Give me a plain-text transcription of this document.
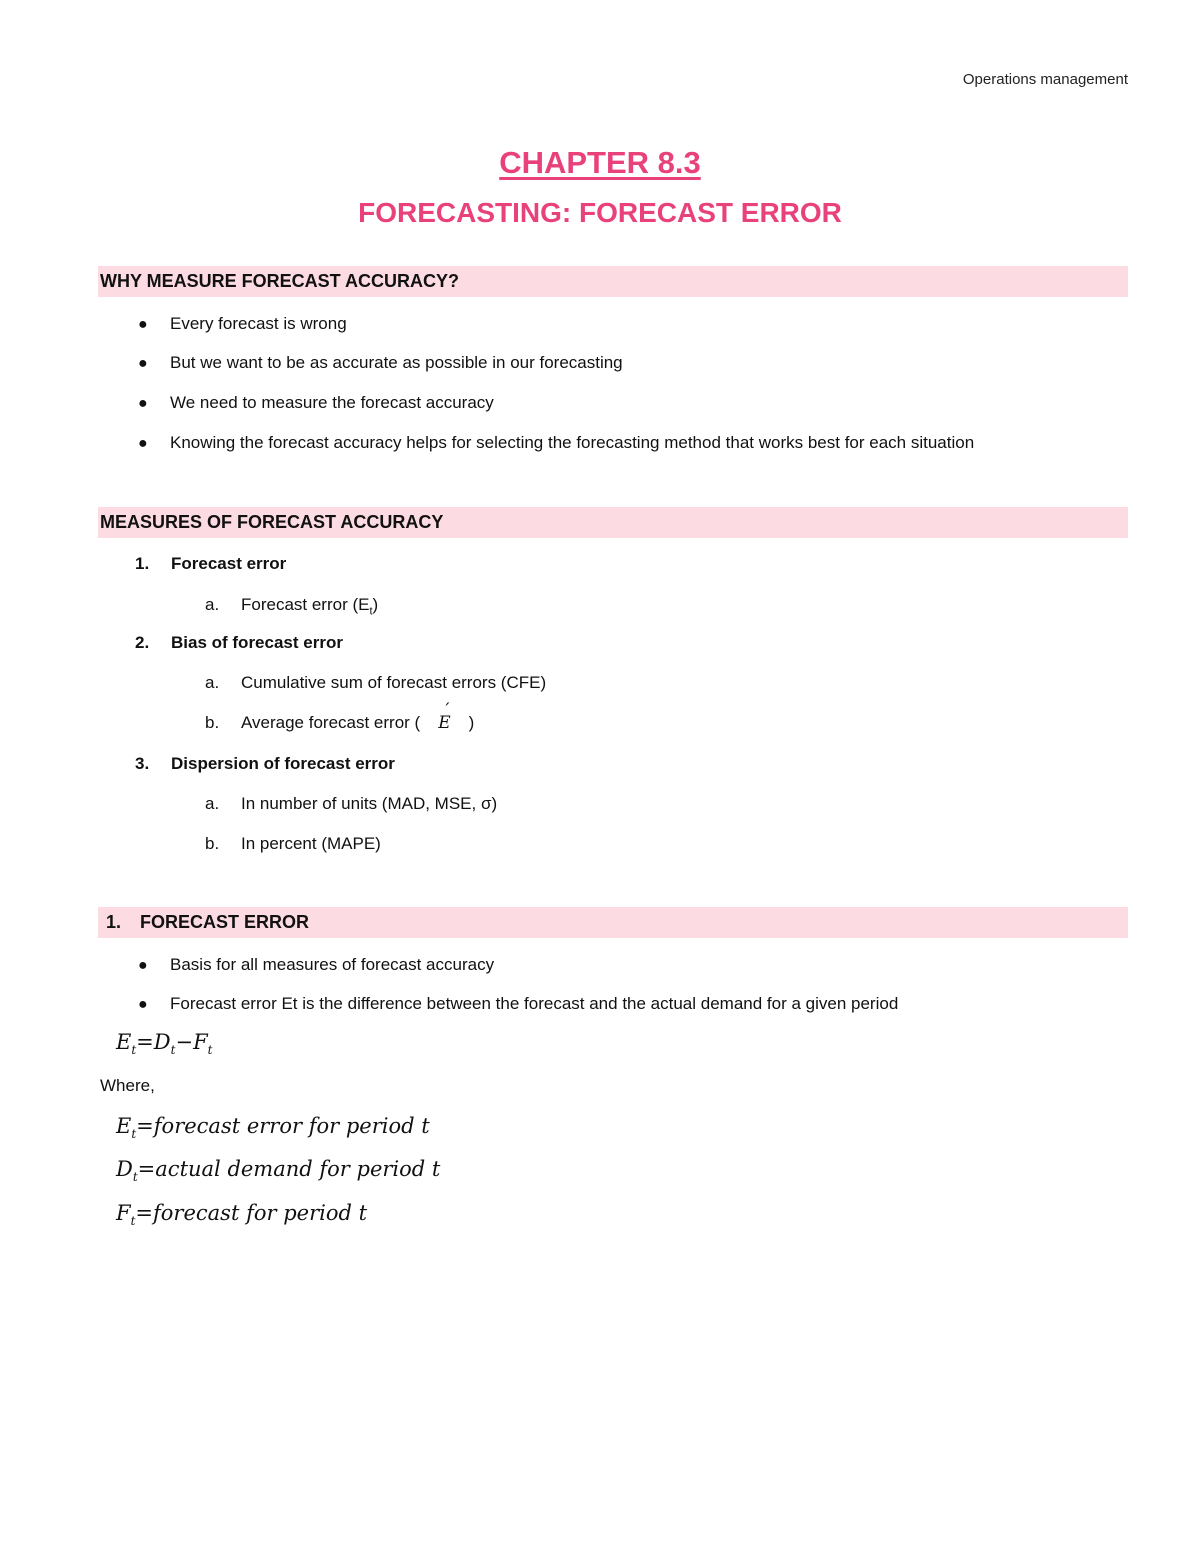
Operations management
CHAPTER 8.3
FORECASTING: FORECAST ERROR
WHY MEASURE FORECAST ACCURACY?
● Every forecast is wrong
● But we want to be as accurate as possible in our forecasting
● We need to measure the forecast accuracy
● Knowing the forecast accuracy helps for selecting the forecasting method that works best for each situation
MEASURES OF FORECAST ACCURACY
1. Forecast error
a. Forecast error $(E_t)$
2. Bias of forecast error
a. Cumulative sum of forecast errors (CFE)
b. Average forecast error (´ E )
3. Dispersion of forecast error
a. In number of units (MAD, MSE, σ)
b. In percent (MAPE)
1. FORECAST ERROR
● Basis for all measures of forecast accuracy
● Forecast error Et is the difference between the forecast and the actual demand for a given period
$E_t=D_t-F_t$
Where,
$E_t=forecast$ error for period t
$D_t=actual$ demand for period t
$F_t=forecast$ for period t
